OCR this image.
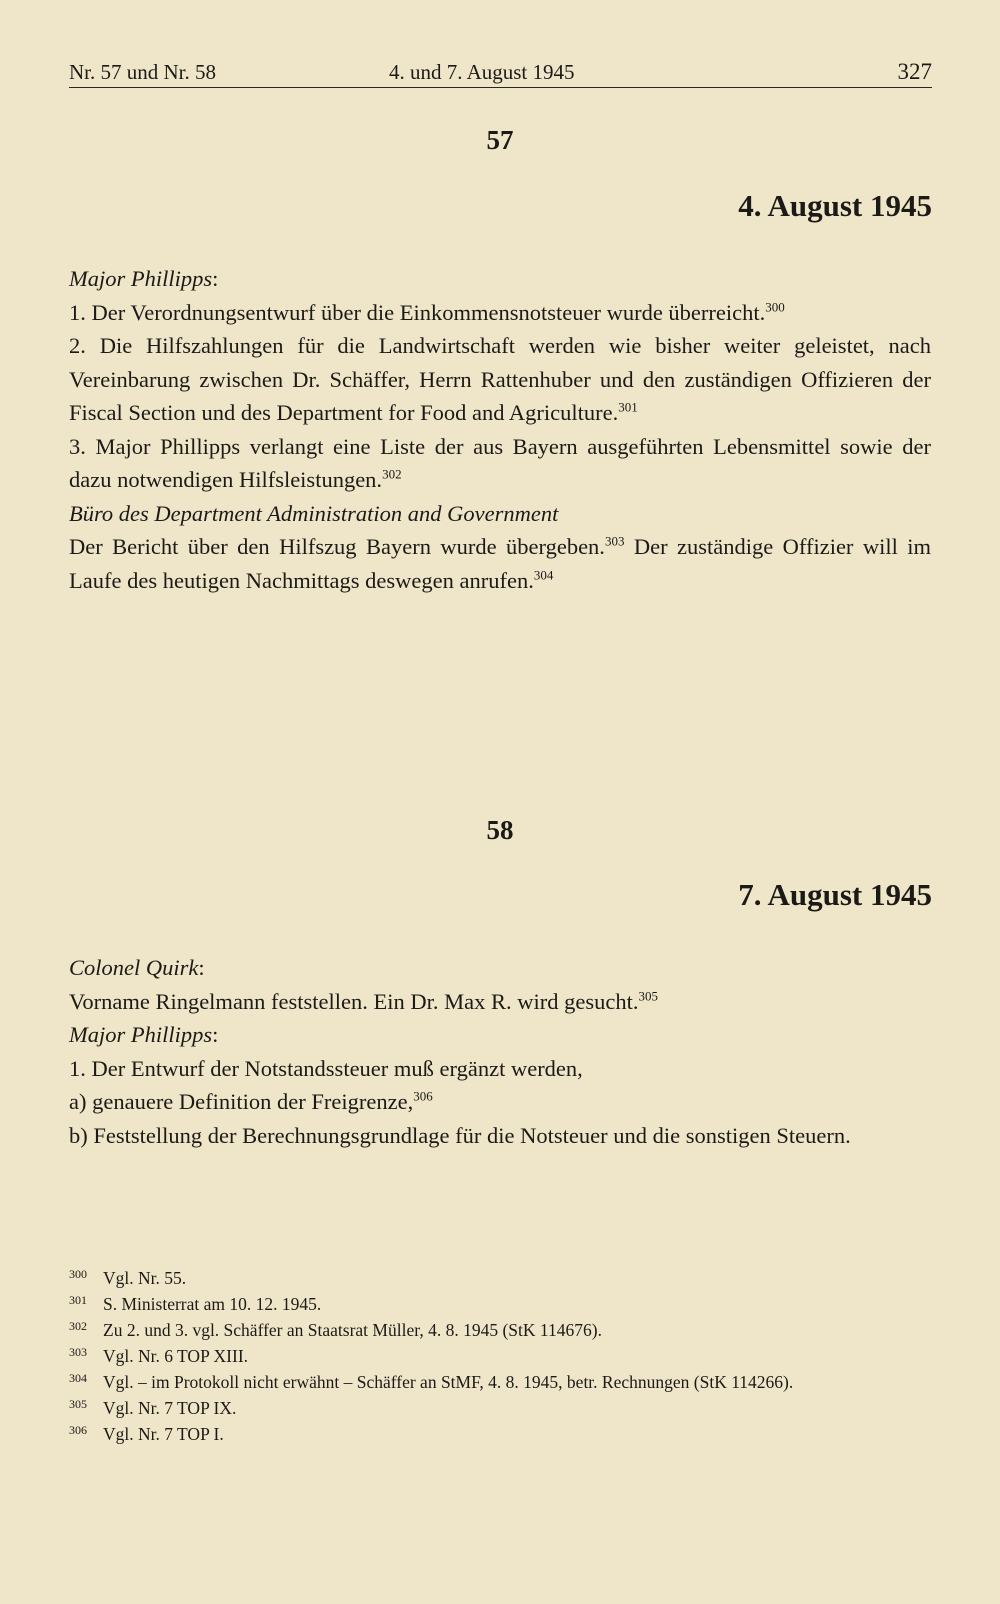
Nr. 57 und Nr. 58	4. und 7. August 1945	327
57
4. August 1945

Major Phillipps:

1. Der Verordnungsentwurf über die Einkommensnotsteuer wurde überreicht.$^{300}$

2. Die Hilfszahlungen für die Landwirtschaft werden wie bisher weiter geleistet, nach Vereinbarung zwischen Dr. Schäffer, Herrn Rattenhuber und den zuständigen Offizieren der Fiscal Section und des Department for Food and Agriculture.$^{301}$

3. Major Phillipps verlangt eine Liste der aus Bayern ausgeführten Lebensmittel sowie der dazu notwendigen Hilfsleistungen.$^{302}$

Büro des Department Administration and Government

Der Bericht über den Hilfszug Bayern wurde übergeben.$^{303}$ Der zuständige Offizier will im Laufe des heutigen Nachmittags deswegen anrufen.$^{304}$

58
7. August 1945

Colonel Quirk:

Vorname Ringelmann feststellen. Ein Dr. Max R. wird gesucht.$^{305}$

Major Phillipps:

1. Der Entwurf der Notstandssteuer muß ergänzt werden,

a) genauere Definition der Freigrenze,$^{306}$

b) Feststellung der Berechnungsgrundlage für die Notsteuer und die sonstigen Steuern.

300 Vgl. Nr. 55.

301 S. Ministerrat am 10. 12. 1945.

302 Zu 2. und 3. vgl. Schäffer an Staatsrat Müller, 4. 8. 1945 (StK 114676).

303 Vgl. Nr. 6 TOP XIII.

304 Vgl. – im Protokoll nicht erwähnt – Schäffer an StMF, 4. 8. 1945, betr. Rechnungen (StK 114266).

305 Vgl. Nr. 7 TOP IX.

306 Vgl. Nr. 7 TOP I.
